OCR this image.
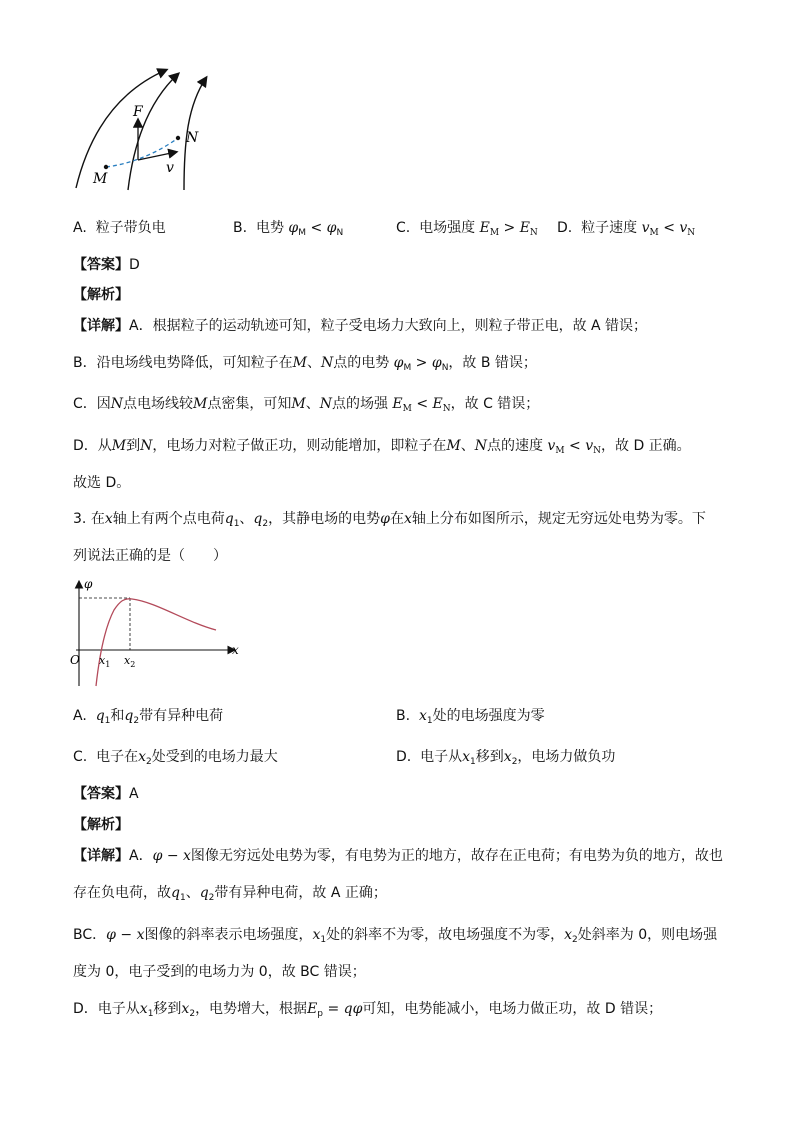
F
N
M
v
A. 粒子带负电	B. 电势 $\varphi_M < \varphi_N$	C. 电场强度 $E_M > E_N$ D. 粒子速度 $v_M < v_N$
【答案】D
【解析】
【详解】A．根据粒子的运动轨迹可知，粒子受电场力大致向上，则粒子带正电，故 A 错误；
B．沿电场线电势降低，可知粒子在M、N点的电势 $\varphi_M > \varphi_N$，故 B 错误；
C．因N点电场线较M点密集，可知M、N点的场强 $E_M < E_N$，故 C 错误；
D．从M到N，电场力对粒子做正功，则动能增加，即粒子在M、N点的速度 $v_M < v_N$，故 D 正确。
故选 D。
3. 在x轴上有两个点电荷$q_1$、$q_2$，其静电场的电势φ在x轴上分布如图所示，规定无穷远处电势为零。下
列说法正确的是（　　）
φ
x
O $x_1$ $x_2$
A. $q_1$和$q_2$带有异种电荷	B. $x_1$处的电场强度为零
C. 电子在$x_2$处受到的电场力最大	D. 电子从$x_1$移到$x_2$，电场力做负功
【答案】A
【解析】
【详解】A．φ − x图像无穷远处电势为零，有电势为正的地方，故存在正电荷；有电势为负的地方，故也
存在负电荷，故$q_1$、$q_2$带有异种电荷，故 A 正确；
BC．φ − x图像的斜率表示电场强度，$x_1$处的斜率不为零，故电场强度不为零，$x_2$处斜率为 0，则电场强
度为 0，电子受到的电场力为 0，故 BC 错误；
D．电子从$x_1$移到$x_2$，电势增大，根据$E_p = q\varphi$可知，电势能减小，电场力做正功，故 D 错误；
